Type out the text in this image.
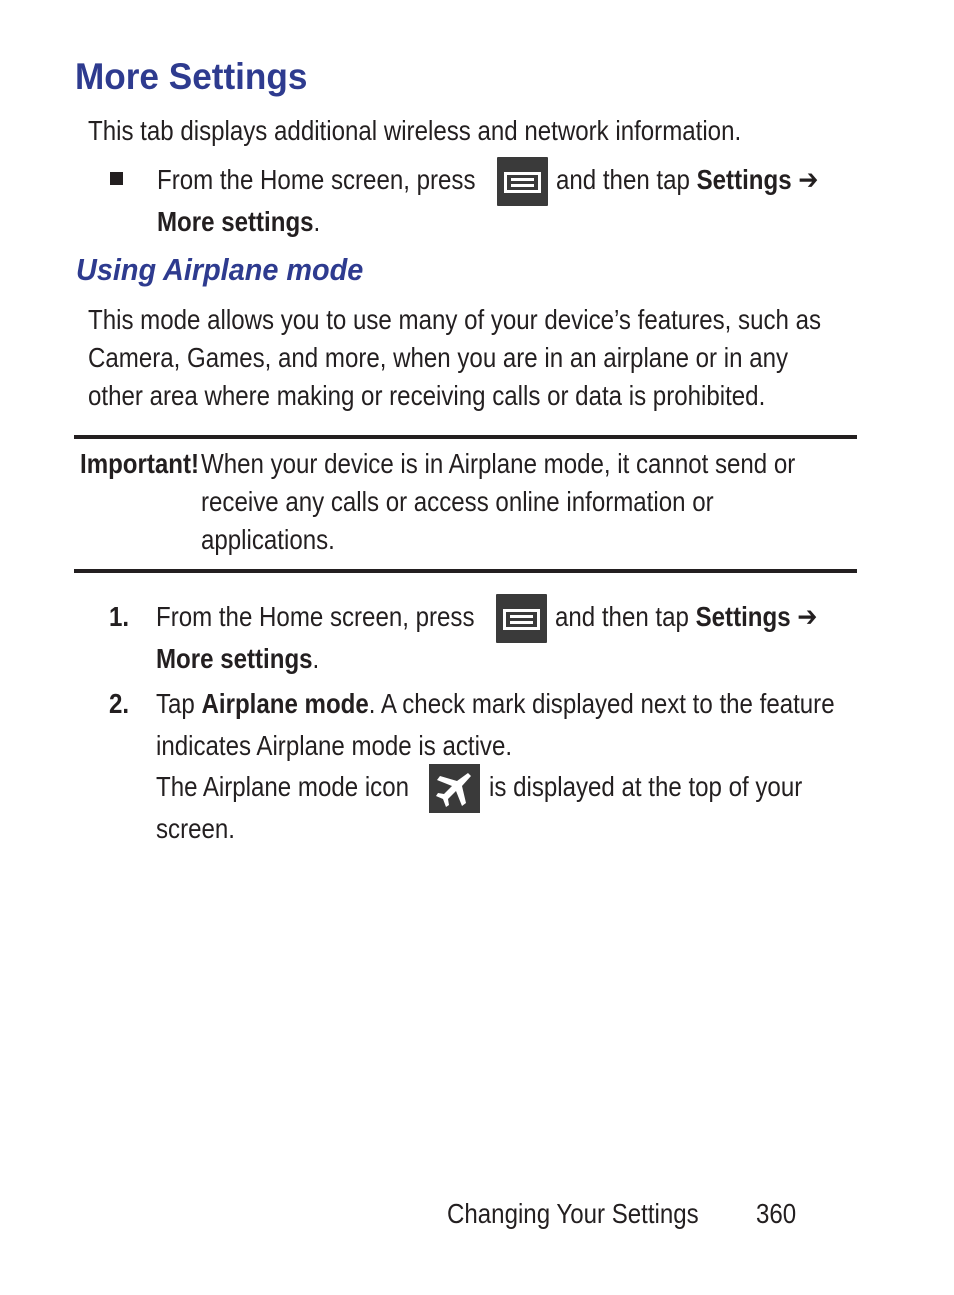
More Settings
This tab displays additional wireless and network information.
From the Home screen, press	and then tap Settings ➔
More settings.
Using Airplane mode
This mode allows you to use many of your device’s features, such as
Camera, Games, and more, when you are in an airplane or in any
other area where making or receiving calls or data is prohibited.
Important! When your device is in Airplane mode, it cannot send or
receive any calls or access online information or
applications.
1. From the Home screen, press	and then tap Settings ➔
More settings.
2. Tap Airplane mode. A check mark displayed next to the feature
indicates Airplane mode is active.
The Airplane mode icon	is displayed at the top of your
screen.
Changing Your Settings	360
